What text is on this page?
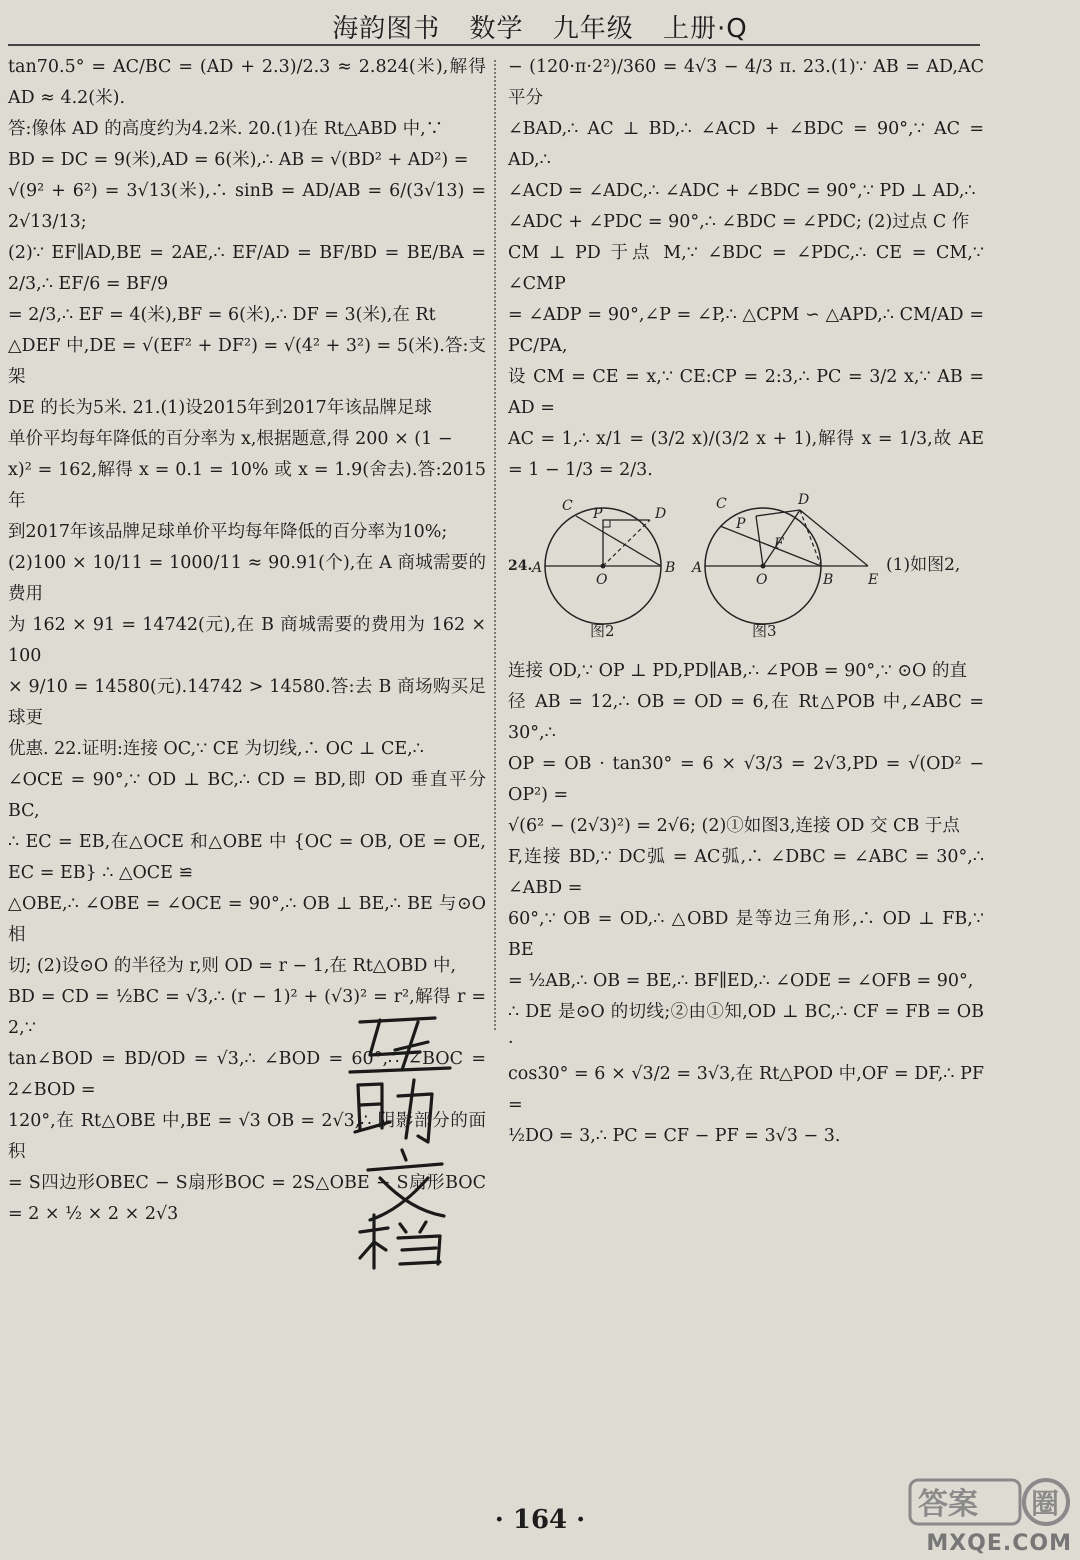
海韵图书 数学 九年级 上册·Q

tan70.5° = AC/BC = (AD + 2.3)/2.3 ≈ 2.824(米),解得 AD ≈ 4.2(米).

答:像体 AD 的高度约为4.2米. 20.(1)在 Rt△ABD 中,∵

BD = DC = 9(米),AD = 6(米),∴ AB = √(BD² + AD²) =

√(9² + 6²) = 3√13(米),∴ sinB = AD/AB = 6/(3√13) = 2√13/13;

(2)∵ EF∥AD,BE = 2AE,∴ EF/AD = BF/BD = BE/BA = 2/3,∴ EF/6 = BF/9

= 2/3,∴ EF = 4(米),BF = 6(米),∴ DF = 3(米),在 Rt

△DEF 中,DE = √(EF² + DF²) = √(4² + 3²) = 5(米).答:支架

DE 的长为5米. 21.(1)设2015年到2017年该品牌足球

单价平均每年降低的百分率为 x,根据题意,得 200 × (1 −

x)² = 162,解得 x = 0.1 = 10% 或 x = 1.9(舍去).答:2015年

到2017年该品牌足球单价平均每年降低的百分率为10%;

(2)100 × 10/11 = 1000/11 ≈ 90.91(个),在 A 商城需要的费用

为 162 × 91 = 14742(元),在 B 商城需要的费用为 162 × 100

× 9/10 = 14580(元).14742 > 14580.答:去 B 商场购买足球更

优惠. 22.证明:连接 OC,∵ CE 为切线,∴ OC ⊥ CE,∴

∠OCE = 90°,∵ OD ⊥ BC,∴ CD = BD,即 OD 垂直平分 BC,

∴ EC = EB,在△OCE 和△OBE 中 {OC = OB, OE = OE, EC = EB} ∴ △OCE ≌

△OBE,∴ ∠OBE = ∠OCE = 90°,∴ OB ⊥ BE,∴ BE 与⊙O 相

切; (2)设⊙O 的半径为 r,则 OD = r − 1,在 Rt△OBD 中,

BD = CD = ½BC = √3,∴ (r − 1)² + (√3)² = r²,解得 r = 2,∵

tan∠BOD = BD/OD = √3,∴ ∠BOD = 60°,∴ ∠BOC = 2∠BOD =

120°,在 Rt△OBE 中,BE = √3 OB = 2√3,∴ 阴影部分的面积

= S四边形OBEC − S扇形BOC = 2S△OBE − S扇形BOC = 2 × ½ × 2 × 2√3

− (120·π·2²)/360 = 4√3 − 4/3 π. 23.(1)∵ AB = AD,AC 平分

∠BAD,∴ AC ⊥ BD,∴ ∠ACD + ∠BDC = 90°,∵ AC = AD,∴

∠ACD = ∠ADC,∴ ∠ADC + ∠BDC = 90°,∵ PD ⊥ AD,∴

∠ADC + ∠PDC = 90°,∴ ∠BDC = ∠PDC; (2)过点 C 作

CM ⊥ PD 于点 M,∵ ∠BDC = ∠PDC,∴ CE = CM,∵ ∠CMP

= ∠ADP = 90°,∠P = ∠P,∴ △CPM ∽ △APD,∴ CM/AD = PC/PA,

设 CM = CE = x,∵ CE:CP = 2:3,∴ PC = 3/2 x,∵ AB = AD =

AC = 1,∴ x/1 = (3/2 x)/(3/2 x + 1),解得 x = 1/3,故 AE = 1 − 1/3 = 2/3.

24.
C P	D
A
O
B
图2
C	D
P
F
A
O	B E
图3
(1)如图2,

连接 OD,∵ OP ⊥ PD,PD∥AB,∴ ∠POB = 90°,∵ ⊙O 的直

径 AB = 12,∴ OB = OD = 6,在 Rt△POB 中,∠ABC = 30°,∴

OP = OB · tan30° = 6 × √3/3 = 2√3,PD = √(OD² − OP²) =

√(6² − (2√3)²) = 2√6; (2)①如图3,连接 OD 交 CB 于点

F,连接 BD,∵ DC弧 = AC弧,∴ ∠DBC = ∠ABC = 30°,∴ ∠ABD =

60°,∵ OB = OD,∴ △OBD 是等边三角形,∴ OD ⊥ FB,∵ BE

= ½AB,∴ OB = BE,∴ BF∥ED,∴ ∠ODE = ∠OFB = 90°,

∴ DE 是⊙O 的切线;②由①知,OD ⊥ BC,∴ CF = FB = OB ·

cos30° = 6 × √3/2 = 3√3,在 Rt△POD 中,OF = DF,∴ PF =

½DO = 3,∴ PC = CF − PF = 3√3 − 3.

· 164 ·	答案 圈
MXQE.COM
